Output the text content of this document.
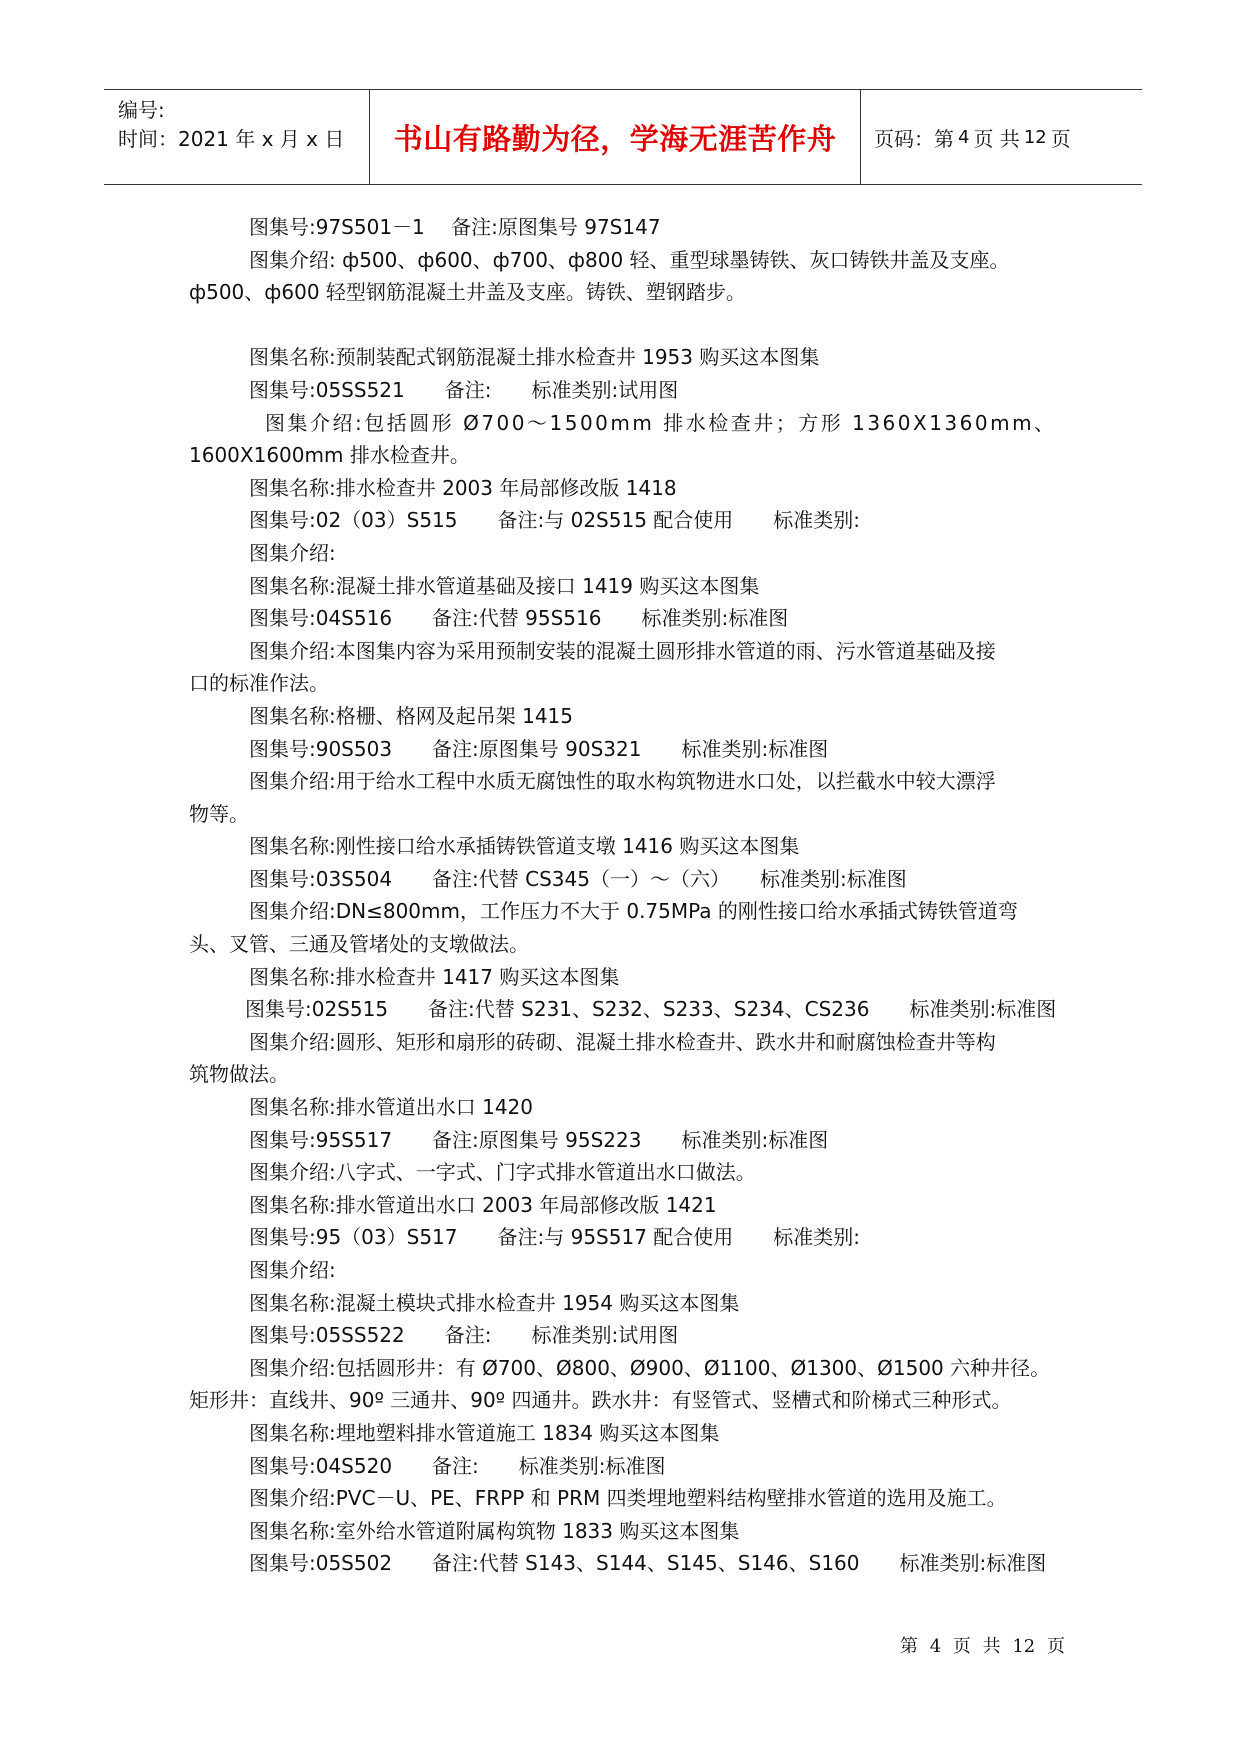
编号:
时间：2021 年 x 月 x 日	书山有路勤为径，学海无涯苦作舟	页码：第 4 页 共 12 页
图集号:97S501－1　 备注:原图集号 97S147
图集介绍: ф500、ф600、ф700、ф800 轻、重型球墨铸铁、灰口铸铁井盖及支座。
ф500、ф600 轻型钢筋混凝土井盖及支座。铸铁、塑钢踏步。
图集名称:预制装配式钢筋混凝土排水检查井 1953 购买这本图集
图集号:05SS521　　备注:　　标准类别:试用图
图集介绍:包括圆形 Ø700～1500mm 排水检查井；方形 1360X1360mm、
1600X1600mm 排水检查井。
图集名称:排水检查井 2003 年局部修改版 1418
图集号:02（03）S515　　备注:与 02S515 配合使用　　标准类别:
图集介绍:
图集名称:混凝土排水管道基础及接口 1419 购买这本图集
图集号:04S516　　备注:代替 95S516　　标准类别:标准图
图集介绍:本图集内容为采用预制安装的混凝土圆形排水管道的雨、污水管道基础及接
口的标准作法。
图集名称:格栅、格网及起吊架 1415
图集号:90S503　　备注:原图集号 90S321　　标准类别:标准图
图集介绍:用于给水工程中水质无腐蚀性的取水构筑物进水口处，以拦截水中较大漂浮
物等。
图集名称:刚性接口给水承插铸铁管道支墩 1416 购买这本图集
图集号:03S504　　备注:代替 CS345（一）～（六）　　标准类别:标准图
图集介绍:DN≤800mm，工作压力不大于 0.75MPa 的刚性接口给水承插式铸铁管道弯
头、叉管、三通及管堵处的支墩做法。
图集名称:排水检查井 1417 购买这本图集
图集号:02S515　　备注:代替 S231、S232、S233、S234、CS236　　标准类别:标准图
图集介绍:圆形、矩形和扇形的砖砌、混凝土排水检查井、跌水井和耐腐蚀检查井等构
筑物做法。
图集名称:排水管道出水口 1420
图集号:95S517　　备注:原图集号 95S223　　标准类别:标准图
图集介绍:八字式、一字式、门字式排水管道出水口做法。
图集名称:排水管道出水口 2003 年局部修改版 1421
图集号:95（03）S517　　备注:与 95S517 配合使用　　标准类别:
图集介绍:
图集名称:混凝土模块式排水检查井 1954 购买这本图集
图集号:05SS522　　备注:　　标准类别:试用图
图集介绍:包括圆形井：有 Ø700、Ø800、Ø900、Ø1100、Ø1300、Ø1500 六种井径。
矩形井：直线井、90º 三通井、90º 四通井。跌水井：有竖管式、竖槽式和阶梯式三种形式。
图集名称:埋地塑料排水管道施工 1834 购买这本图集
图集号:04S520　　备注:　　标准类别:标准图
图集介绍:PVC－U、PE、FRPP 和 PRM 四类埋地塑料结构壁排水管道的选用及施工。
图集名称:室外给水管道附属构筑物 1833 购买这本图集
图集号:05S502　　备注:代替 S143、S144、S145、S146、S160　　标准类别:标准图
第 4 页 共 12 页
